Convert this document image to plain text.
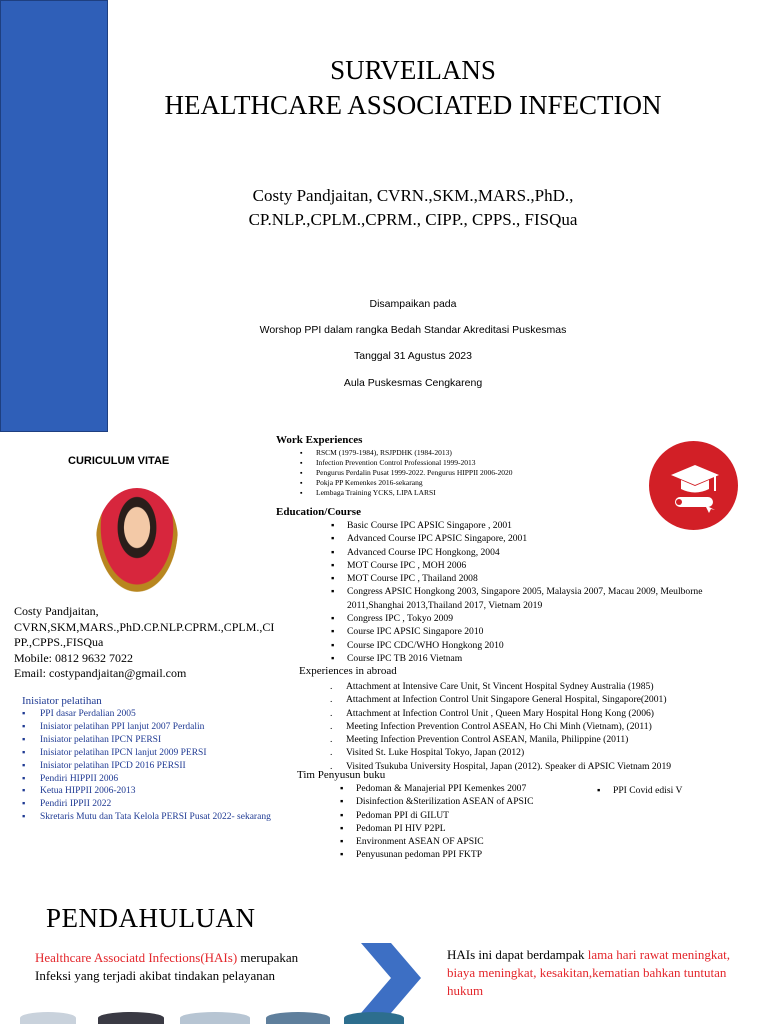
SURVEILANS
HEALTHCARE ASSOCIATED INFECTION
Costy Pandjaitan, CVRN.,SKM.,MARS.,PhD.,
CP.NLP.,CPLM.,CPRM., CIPP., CPPS., FISQua
Disampaikan pada
Worshop PPI dalam rangka Bedah Standar Akreditasi Puskesmas
Tanggal 31 Agustus 2023
Aula Puskesmas Cengkareng
CURICULUM VITAE
Costy Pandjaitan,
CVRN,SKM,MARS.,PhD.CP.NLP.CPRM.,CPLM.,CI
PP.,CPPS.,FISQua
Mobile: 0812 9632 7022
Email: costypandjaitan@gmail.com
Inisiator pelatihan
▪ PPI dasar Perdalian 2005
▪ Inisiator pelatihan PPI lanjut 2007 Perdalin
▪ Inisiator pelatihan IPCN PERSI
▪ Inisiator pelatihan IPCN lanjut 2009 PERSI
▪ Inisiator pelatihan IPCD 2016 PERSII
▪ Pendiri HIPPII 2006
▪ Ketua HIPPII 2006-2013
▪ Pendiri IPPII 2022
▪ Skretaris Mutu dan Tata Kelola PERSI Pusat 2022- sekarang
Work Experiences
▪ RSCM (1979-1984), RSJPDHK (1984-2013)
▪ Infection Prevention Control Professional 1999-2013
▪ Pengurus Perdalin Pusat 1999-2022. Pengurus HIPPII 2006-2020
▪ Pokja PP Kemenkes 2016-sekarang
▪ Lembaga Training YCKS, LIPA LARSI
Education/Course
▪ Basic Course IPC APSIC Singapore , 2001
▪ Advanced Course IPC APSIC Singapore, 2001
▪ Advanced Course IPC Hongkong, 2004
▪ MOT Course IPC , MOH 2006
▪ MOT Course IPC , Thailand 2008
▪ Congress APSIC Hongkong 2003, Singapore 2005, Malaysia 2007, Macau 2009, Meulborne 2011,Shanghai 2013,Thailand 2017, Vietnam 2019
▪ Congress IPC , Tokyo 2009
▪ Course IPC APSIC Singapore 2010
▪ Course IPC CDC/WHO Hongkong 2010
▪ Course IPC TB 2016 Vietnam
Experiences in abroad
. Attachment at Intensive Care Unit, St Vincent Hospital Sydney Australia (1985)
. Attachment at Infection Control Unit Singapore General Hospital, Singapore(2001)
. Attachment at Infection Control Unit , Queen Mary Hospital Hong Kong (2006)
. Meeting Infection Prevention Control ASEAN, Ho Chi Minh (Vietnam), (2011)
. Meeting Infection Prevention Control ASEAN, Manila, Philippine (2011)
. Visited St. Luke Hospital Tokyo, Japan (2012)
. Visited Tsukuba University Hospital, Japan (2012). Speaker di APSIC Vietnam 2019
Tim Penyusun buku
▪ Pedoman & Manajerial PPI Kemenkes 2007
▪ Disinfection &Sterilization ASEAN of APSIC
▪ Pedoman PPI di GILUT
▪ Pedoman PI HIV P2PL
▪ Environment ASEAN OF APSIC
▪ Penyusunan pedoman PPI FKTP
▪ PPI Covid edisi V
PENDAHULUAN
Healthcare Associatd Infections(HAIs) merupakan Infeksi yang terjadi akibat tindakan pelayanan
HAIs ini dapat berdampak lama hari rawat meningkat, biaya meningkat, kesakitan,kematian bahkan tuntutan hukum
